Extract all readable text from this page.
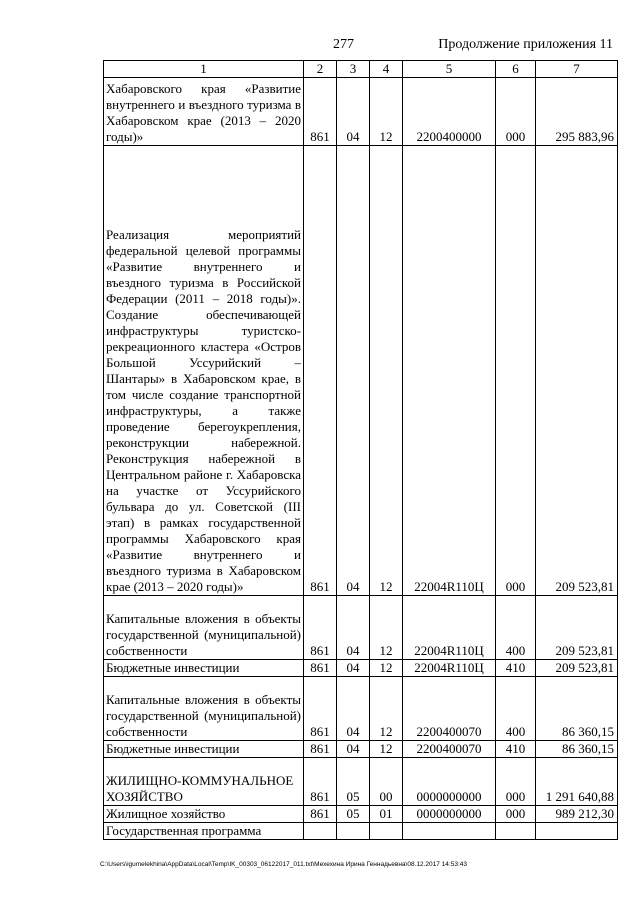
277	Продолжение приложения 11
1	2	3	4	5	6	7
Хабаровского края «Развитие внутреннего и въездного туризма в Хабаровском крае (2013 – 2020 годы)»	861	04	12	2200400000	000	295 883,96
Реализация мероприятий федеральной целевой программы «Развитие внутреннего и въездного туризма в Российской Федерации (2011 – 2018 годы)». Создание обеспечивающей инфраструктуры туристско-рекреационного кластера «Остров Большой Уссурийский – Шантары» в Хабаровском крае, в том числе создание транспортной инфраструктуры, а также проведение берегоукрепления, реконструкции набережной. Реконструкция набережной в Центральном районе г. Хабаровска на участке от Уссурийского бульвара до ул. Советской (III этап) в рамках государственной программы Хабаровского края «Развитие внутреннего и въездного туризма в Хабаровском крае (2013 – 2020 годы)»	861	04	12	22004R110Ц	000	209 523,81
Капитальные вложения в объекты государственной (муниципальной) собственности	861	04	12	22004R110Ц	400	209 523,81
Бюджетные инвестиции	861	04	12	22004R110Ц	410	209 523,81
Капитальные вложения в объекты государственной (муниципальной) собственности	861	04	12	2200400070	400	86 360,15
Бюджетные инвестиции	861	04	12	2200400070	410	86 360,15
ЖИЛИЩНО-КОММУНАЛЬНОЕ ХОЗЯЙСТВО	861	05	00	0000000000	000	1 291 640,88
Жилищное хозяйство	861	05	01	0000000000	000	989 212,30
Государственная программа						
C:\Users\igumelekhina\AppData\Local\Temp\IK_00303_06122017_011.txt\Мехехина Ирина Геннадьевна\08.12.2017 14:53:43
